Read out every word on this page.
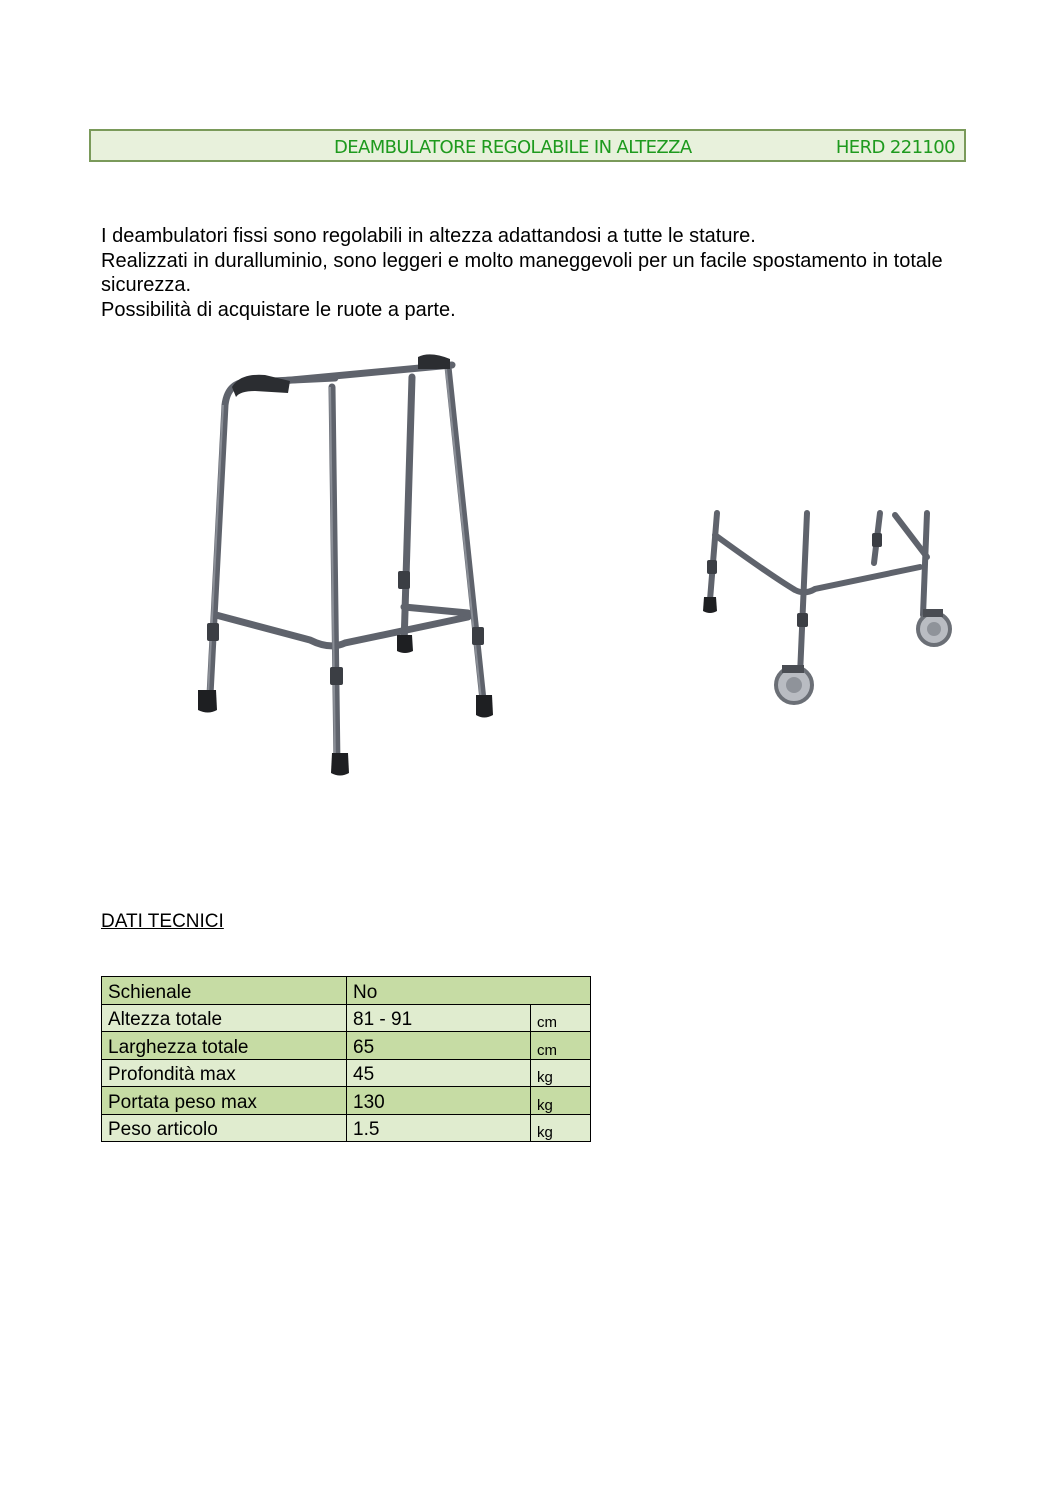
DEAMBULATORE REGOLABILE IN ALTEZZA	HERD 221100

I deambulatori fissi sono regolabili in altezza adattandosi a tutte le stature.

Realizzati in duralluminio, sono leggeri e molto maneggevoli per un facile spostamento in totale sicurezza.

Possibilità di acquistare le ruote a parte.

DATI TECNICI
Schienale	No	
Altezza totale	81 - 91	cm
Larghezza totale	65	cm
Profondità max	45	kg
Portata peso max	130	kg
Peso articolo	1.5	kg
